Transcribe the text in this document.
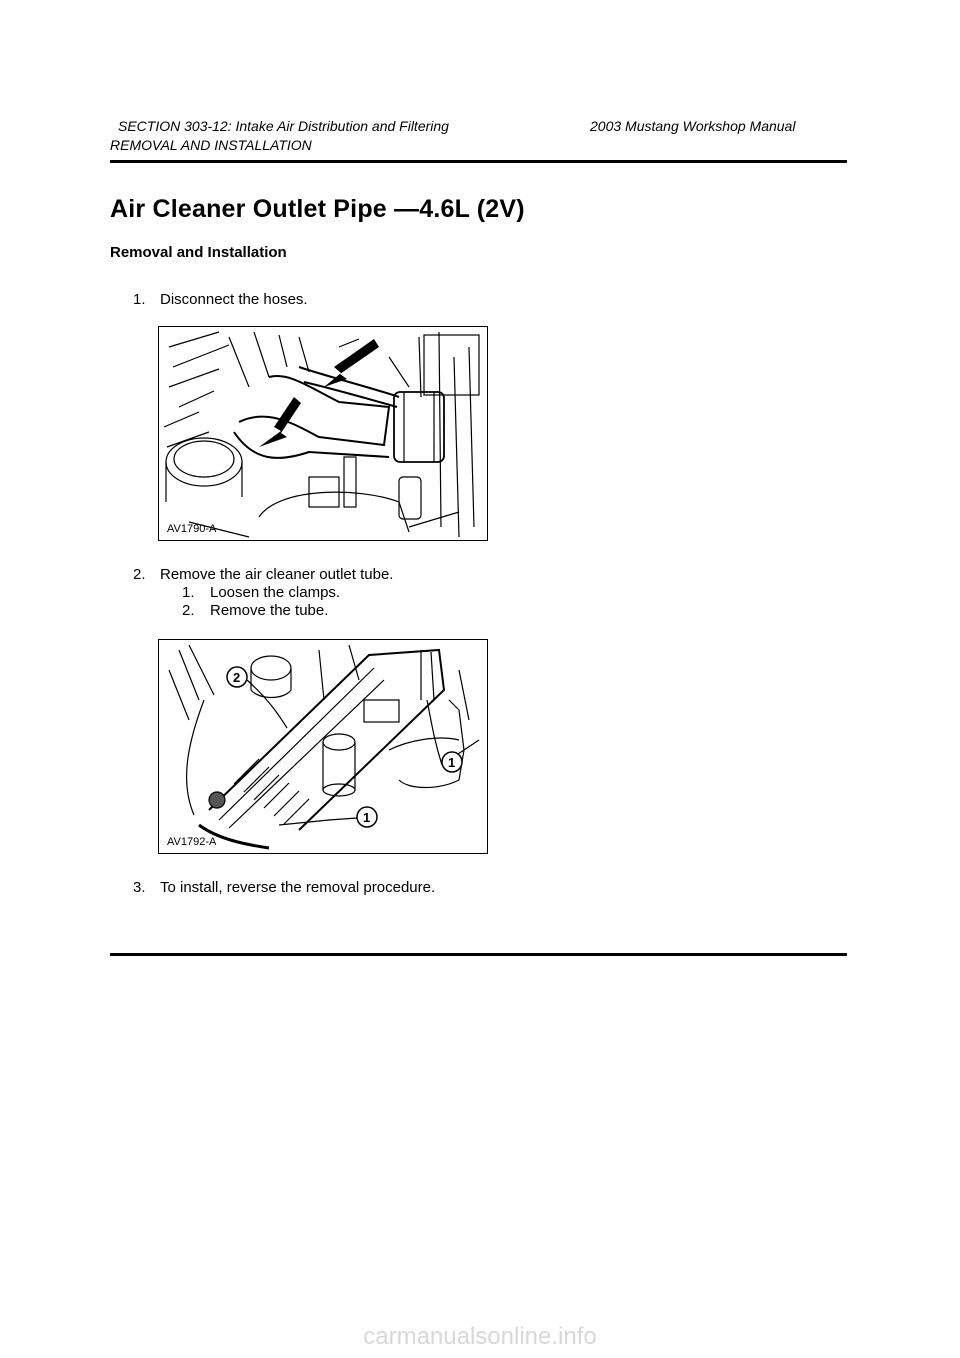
SECTION 303-12: Intake Air Distribution and Filtering	2003 Mustang Workshop Manual
REMOVAL AND INSTALLATION
Air Cleaner Outlet Pipe —4.6L (2V)
Removal and Installation
1. Disconnect the hoses.
AV1790-A
2. Remove the air cleaner outlet tube.
1. Loosen the clamps.
2. Remove the tube.
2
1
1
AV1792-A
3. To install, reverse the removal procedure.
carmanualsonline.info
